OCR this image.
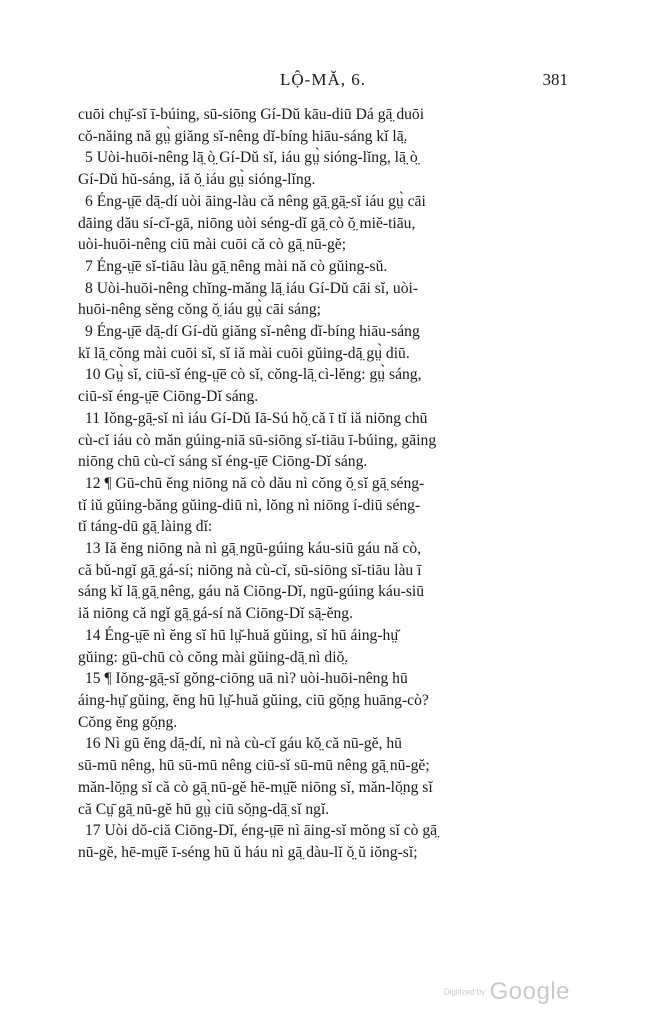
LỘ-MĂ, 6.	381
cuōi chṳ̆-sĭ ī-búing, sū-siōng Gí-Dŭ kāu-diū Dá gā̤ duōi
cŏ-năing nă gṳ̀ giăng sĭ-nêng dĭ-bíng hiāu-sáng kĭ lā̤.
5 Uòi-huōi-nêng lā̤ ò̤ Gí-Dŭ sĭ, iáu gṳ̀ sióng-lĭng, lā̤ ò̤
Gí-Dŭ hŭ-sáng, iă ŏ̤ iáu gṳ̀ sióng-lĭng.
6 Éng-ṳ̄ē dā̤-dí uòi āing-làu că nêng gā̤ gā̤-sĭ iáu gṳ̀ cāi
dāing dău sí-cĭ-gā, niōng uòi séng-dĭ gā̤ cò ŏ̤ miĕ-tiāu,
uòi-huōi-nêng ciū mài cuōi că cò gā̤ nū-gĕ;
7 Éng-ṳ̄ē sĭ-tiāu làu gā̤ nêng mài nă cò gŭing-sŭ.
8 Uòi-huōi-nêng chĭng-măng lā̤ iáu Gí-Dŭ cāi sĭ, uòi-
huōi-nêng sĕng cŏng ŏ̤ iáu gṳ̀ cāi sáng;
9 Éng-ṳ̄ē dā̤-dí Gí-dŭ giăng sĭ-nêng dĭ-bíng hiāu-sáng
kĭ lā̤ cŏng mài cuōi sĭ, sĭ iă mài cuōi gŭing-dā̤ gṳ̀ diū.
10 Gṳ̀ sĭ, ciū-sĭ éng-ṳ̄ē cò sĭ, cŏng-lā̤ cì-lĕng: gṳ̀ sáng,
ciū-sĭ éng-ṳ̄ē Ciōng-Dĭ sáng.
11 Iŏng-gā̤-sĭ nì iáu Gí-Dŭ Iā-Sú hŏ̤ că ī tĭ iă niōng chū
cù-cĭ iáu cò măn gúing-niā sū-siōng sĭ-tiāu ī-búing, gāing
niōng chū cù-cĭ sáng sĭ éng-ṳ̄ē Ciōng-Dĭ sáng.
12 ¶ Gū-chū ĕng niōng nă cò dău nì cŏng ŏ̤ sĭ gā̤ séng-
tĭ iŭ gŭing-băng gŭing-diū nì, lŏng nì niōng í-diū séng-
tĭ táng-dū gā̤ làing dĭ:
13 Iă ĕng niōng nà nì gā̤ ngū-gúing káu-siū gáu nă cò,
că bŭ-ngĭ gā̤ gá-sí; niōng nà cù-cĭ, sū-siōng sĭ-tiāu làu ī
sáng kĭ lā̤ gā̤ nêng, gáu nă Ciōng-Dĭ, ngū-gúing káu-siū
iă niōng că ngĭ gā̤ gá-sí nă Ciōng-Dĭ sā̤-ĕng.
14 Éng-ṳ̄ē nì ĕng sĭ hū lṳ̆-huă gŭing, sĭ hū áing-hṳ̆
gŭing: gū-chū cò cŏng mài gŭing-dā̤ nì diŏ̤.
15 ¶ Iŏng-gā̤-sĭ gŏng-ciōng uā nì? uòi-huōi-nêng hū
áing-hṳ̆ gŭing, ĕng hū lṳ̆-huă gŭing, ciū gŏ̤ng huāng-cò?
Cŏng ĕng gŏ̤ng.
16 Nì gū ĕng dā̤-dí, nì nà cù-cĭ gáu kŏ̤ că nū-gĕ, hū
sū-mū nêng, hū sū-mū nêng ciū-sĭ sū-mū nêng gā̤ nū-gĕ;
măn-lŏ̤ng sĭ că cò gā̤ nū-gĕ hē-mṳ̄ĕ niōng sĭ, măn-lŏ̤ng sĭ
că Cṳ̄ gā̤ nū-gĕ hū gṳ̀ ciū sŏ̤ng-dā̤ sĭ ngĭ.
17 Uòi dŏ-ciă Ciōng-Dĭ, éng-ṳ̄ē nì āing-sĭ mŏng sĭ cò gā̤
nū-gĕ, hē-mṳ̄ĕ ī-séng hū ŭ háu nì gā̤ dàu-lĭ ŏ̤ ŭ iŏng-sĭ;
Digitized by Google
